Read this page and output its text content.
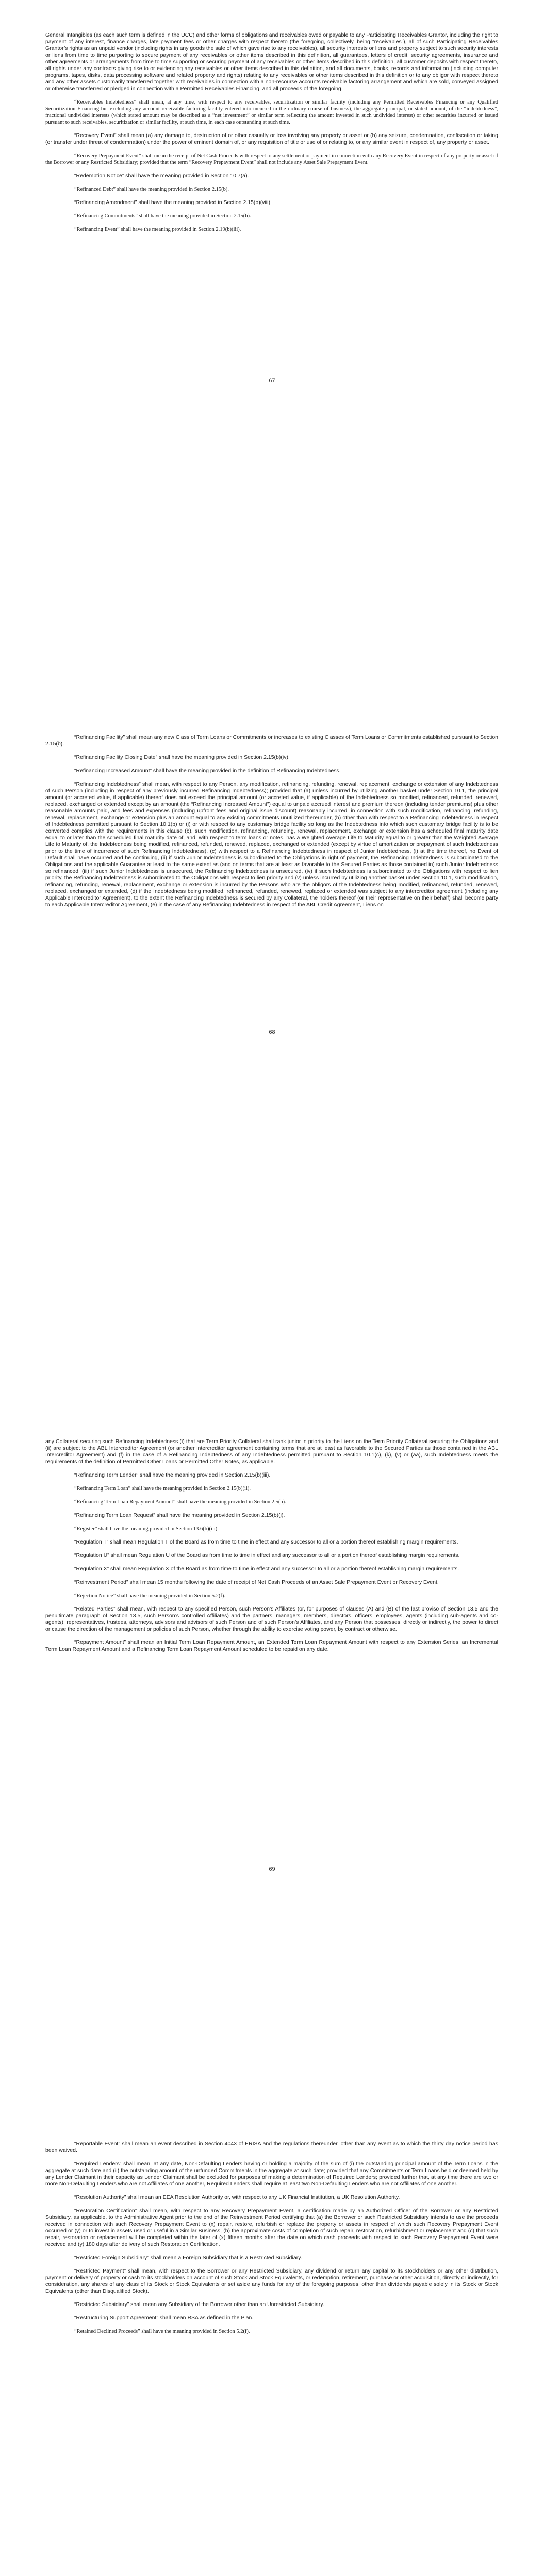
General Intangibles (as each such term is defined in the UCC) and other forms of obligations and receivables owed or payable to any Participating Receivables Grantor, including the right to payment of any interest, finance charges, late payment fees or other charges with respect thereto (the foregoing, collectively, being “receivables”), all of such Participating Receivables Grantor’s rights as an unpaid vendor (including rights in any goods the sale of which gave rise to any receivables), all security interests or liens and property subject to such security interests or liens from time to time purporting to secure payment of any receivables or other items described in this definition, all guarantees, letters of credit, security agreements, insurance and other agreements or arrangements from time to time supporting or securing payment of any receivables or other items described in this definition, all customer deposits with respect thereto, all rights under any contracts giving rise to or evidencing any receivables or other items described in this definition, and all documents, books, records and information (including computer programs, tapes, disks, data processing software and related property and rights) relating to any receivables or other items described in this definition or to any obligor with respect thereto and any other assets customarily transferred together with receivables in connection with a non-recourse accounts receivable factoring arrangement and which are sold, conveyed assigned or otherwise transferred or pledged in connection with a Permitted Receivables Financing, and all proceeds of the foregoing.

“Receivables Indebtedness” shall mean, at any time, with respect to any receivables, securitization or similar facility (including any Permitted Receivables Financing or any Qualified Securitization Financing but excluding any account receivable factoring facility entered into incurred in the ordinary course of business), the aggregate principal, or stated amount, of the “indebtedness”, fractional undivided interests (which stated amount may be described as a “net investment” or similar term reflecting the amount invested in such undivided interest) or other securities incurred or issued pursuant to such receivables, securitization or similar facility, at such time, in each case outstanding at such time.

“Recovery Event” shall mean (a) any damage to, destruction of or other casualty or loss involving any property or asset or (b) any seizure, condemnation, confiscation or taking (or transfer under threat of condemnation) under the power of eminent domain of, or any requisition of title or use of or relating to, or any similar event in respect of, any property or asset.

“Recovery Prepayment Event” shall mean the receipt of Net Cash Proceeds with respect to any settlement or payment in connection with any Recovery Event in respect of any property or asset of the Borrower or any Restricted Subsidiary; provided that the term “Recovery Prepayment Event” shall not include any Asset Sale Prepayment Event.

“Redemption Notice” shall have the meaning provided in Section 10.7(a).

“Refinanced Debt” shall have the meaning provided in Section 2.15(b).

“Refinancing Amendment” shall have the meaning provided in Section 2.15(b)(viii).

“Refinancing Commitments” shall have the meaning provided in Section 2.15(b).

“Refinancing Event” shall have the meaning provided in Section 2.19(b)(iii).

67

“Refinancing Facility” shall mean any new Class of Term Loans or Commitments or increases to existing Classes of Term Loans or Commitments established pursuant to Section 2.15(b).

“Refinancing Facility Closing Date” shall have the meaning provided in Section 2.15(b)(iv).

“Refinancing Increased Amount” shall have the meaning provided in the definition of Refinancing Indebtedness.

“Refinancing Indebtedness” shall mean, with respect to any Person, any modification, refinancing, refunding, renewal, replacement, exchange or extension of any Indebtedness of such Person (including in respect of any previously incurred Refinancing Indebtedness); provided that (a) unless incurred by utilizing another basket under Section 10.1, the principal amount (or accreted value, if applicable) thereof does not exceed the principal amount (or accreted value, if applicable) of the Indebtedness so modified, refinanced, refunded, renewed, replaced, exchanged or extended except by an amount (the “Refinancing Increased Amount”) equal to unpaid accrued interest and premium thereon (including tender premiums) plus other reasonable amounts paid, and fees and expenses (including upfront fees and original issue discount) reasonably incurred, in connection with such modification, refinancing, refunding, renewal, replacement, exchange or extension plus an amount equal to any existing commitments unutilized thereunder, (b) other than with respect to a Refinancing Indebtedness in respect of Indebtedness permitted pursuant to Section 10.1(b) or (i) or with respect to any customary bridge facility so long as the Indebtedness into which such customary bridge facility is to be converted complies with the requirements in this clause (b), such modification, refinancing, refunding, renewal, replacement, exchange or extension has a scheduled final maturity date equal to or later than the scheduled final maturity date of, and, with respect to term loans or notes, has a Weighted Average Life to Maturity equal to or greater than the Weighted Average Life to Maturity of, the Indebtedness being modified, refinanced, refunded, renewed, replaced, exchanged or extended (except by virtue of amortization or prepayment of such Indebtedness prior to the time of incurrence of such Refinancing Indebtedness), (c) with respect to a Refinancing Indebtedness in respect of Junior Indebtedness, (i) at the time thereof, no Event of Default shall have occurred and be continuing, (ii) if such Junior Indebtedness is subordinated to the Obligations in right of payment, the Refinancing Indebtedness is subordinated to the Obligations and the applicable Guarantee at least to the same extent as (and on terms that are at least as favorable to the Secured Parties as those contained in) such Junior Indebtedness so refinanced, (iii) if such Junior Indebtedness is unsecured, the Refinancing Indebtedness is unsecured, (iv) if such Indebtedness is subordinated to the Obligations with respect to lien priority, the Refinancing Indebtedness is subordinated to the Obligations with respect to lien priority and (v) unless incurred by utilizing another basket under Section 10.1, such modification, refinancing, refunding, renewal, replacement, exchange or extension is incurred by the Persons who are the obligors of the Indebtedness being modified, refinanced, refunded, renewed, replaced, exchanged or extended, (d) if the Indebtedness being modified, refinanced, refunded, renewed, replaced or extended was subject to any intercreditor agreement (including any Applicable Intercreditor Agreement), to the extent the Refinancing Indebtedness is secured by any Collateral, the holders thereof (or their representative on their behalf) shall become party to each Applicable Intercreditor Agreement, (e) in the case of any Refinancing Indebtedness in respect of the ABL Credit Agreement, Liens on

68

any Collateral securing such Refinancing Indebtedness (i) that are Term Priority Collateral shall rank junior in priority to the Liens on the Term Priority Collateral securing the Obligations and (ii) are subject to the ABL Intercreditor Agreement (or another intercreditor agreement containing terms that are at least as favorable to the Secured Parties as those contained in the ABL Intercreditor Agreement) and (f) in the case of a Refinancing Indebtedness of any Indebtedness permitted pursuant to Section 10.1(c), (k), (v) or (aa), such Indebtedness meets the requirements of the definition of Permitted Other Loans or Permitted Other Notes, as applicable.

“Refinancing Term Lender” shall have the meaning provided in Section 2.15(b)(iii).

“Refinancing Term Loan” shall have the meaning provided in Section 2.15(b)(ii).

“Refinancing Term Loan Repayment Amount” shall have the meaning provided in Section 2.5(b).

“Refinancing Term Loan Request” shall have the meaning provided in Section 2.15(b)(i).

“Register” shall have the meaning provided in Section 13.6(b)(iii).

“Regulation T” shall mean Regulation T of the Board as from time to time in effect and any successor to all or a portion thereof establishing margin requirements.

“Regulation U” shall mean Regulation U of the Board as from time to time in effect and any successor to all or a portion thereof establishing margin requirements.

“Regulation X” shall mean Regulation X of the Board as from time to time in effect and any successor to all or a portion thereof establishing margin requirements.

“Reinvestment Period” shall mean 15 months following the date of receipt of Net Cash Proceeds of an Asset Sale Prepayment Event or Recovery Event.

“Rejection Notice” shall have the meaning provided in Section 5.2(f).

“Related Parties” shall mean, with respect to any specified Person, such Person’s Affiliates (or, for purposes of clauses (A) and (B) of the last proviso of Section 13.5 and the penultimate paragraph of Section 13.5, such Person’s controlled Affiliates) and the partners, managers, members, directors, officers, employees, agents (including sub-agents and co-agents), representatives, trustees, attorneys, advisors and advisors of such Person and of such Person’s Affiliates, and any Person that possesses, directly or indirectly, the power to direct or cause the direction of the management or policies of such Person, whether through the ability to exercise voting power, by contract or otherwise.

“Repayment Amount” shall mean an Initial Term Loan Repayment Amount, an Extended Term Loan Repayment Amount with respect to any Extension Series, an Incremental Term Loan Repayment Amount and a Refinancing Term Loan Repayment Amount scheduled to be repaid on any date.

69

“Reportable Event” shall mean an event described in Section 4043 of ERISA and the regulations thereunder, other than any event as to which the thirty day notice period has been waived.

“Required Lenders” shall mean, at any date, Non-Defaulting Lenders having or holding a majority of the sum of (i) the outstanding principal amount of the Term Loans in the aggregate at such date and (ii) the outstanding amount of the unfunded Commitments in the aggregate at such date; provided that any Commitments or Term Loans held or deemed held by any Lender Claimant in their capacity as Lender Claimant shall be excluded for purposes of making a determination of Required Lenders; provided further that, at any time there are two or more Non-Defaulting Lenders who are not Affiliates of one another, Required Lenders shall require at least two Non-Defaulting Lenders who are not Affiliates of one another.

“Resolution Authority” shall mean an EEA Resolution Authority or, with respect to any UK Financial Institution, a UK Resolution Authority.

“Restoration Certification” shall mean, with respect to any Recovery Prepayment Event, a certification made by an Authorized Officer of the Borrower or any Restricted Subsidiary, as applicable, to the Administrative Agent prior to the end of the Reinvestment Period certifying that (a) the Borrower or such Restricted Subsidiary intends to use the proceeds received in connection with such Recovery Prepayment Event to (x) repair, restore, refurbish or replace the property or assets in respect of which such Recovery Prepayment Event occurred or (y) or to invest in assets used or useful in a Similar Business, (b) the approximate costs of completion of such repair, restoration, refurbishment or replacement and (c) that such repair, restoration or replacement will be completed within the later of (x) fifteen months after the date on which cash proceeds with respect to such Recovery Prepayment Event were received and (y) 180 days after delivery of such Restoration Certification.

“Restricted Foreign Subsidiary” shall mean a Foreign Subsidiary that is a Restricted Subsidiary.

“Restricted Payment” shall mean, with respect to the Borrower or any Restricted Subsidiary, any dividend or return any capital to its stockholders or any other distribution, payment or delivery of property or cash to its stockholders on account of such Stock and Stock Equivalents, or redemption, retirement, purchase or other acquisition, directly or indirectly, for consideration, any shares of any class of its Stock or Stock Equivalents or set aside any funds for any of the foregoing purposes, other than dividends payable solely in its Stock or Stock Equivalents (other than Disqualified Stock).

“Restricted Subsidiary” shall mean any Subsidiary of the Borrower other than an Unrestricted Subsidiary.

“Restructuring Support Agreement” shall mean RSA as defined in the Plan.

“Retained Declined Proceeds” shall have the meaning provided in Section 5.2(f).
